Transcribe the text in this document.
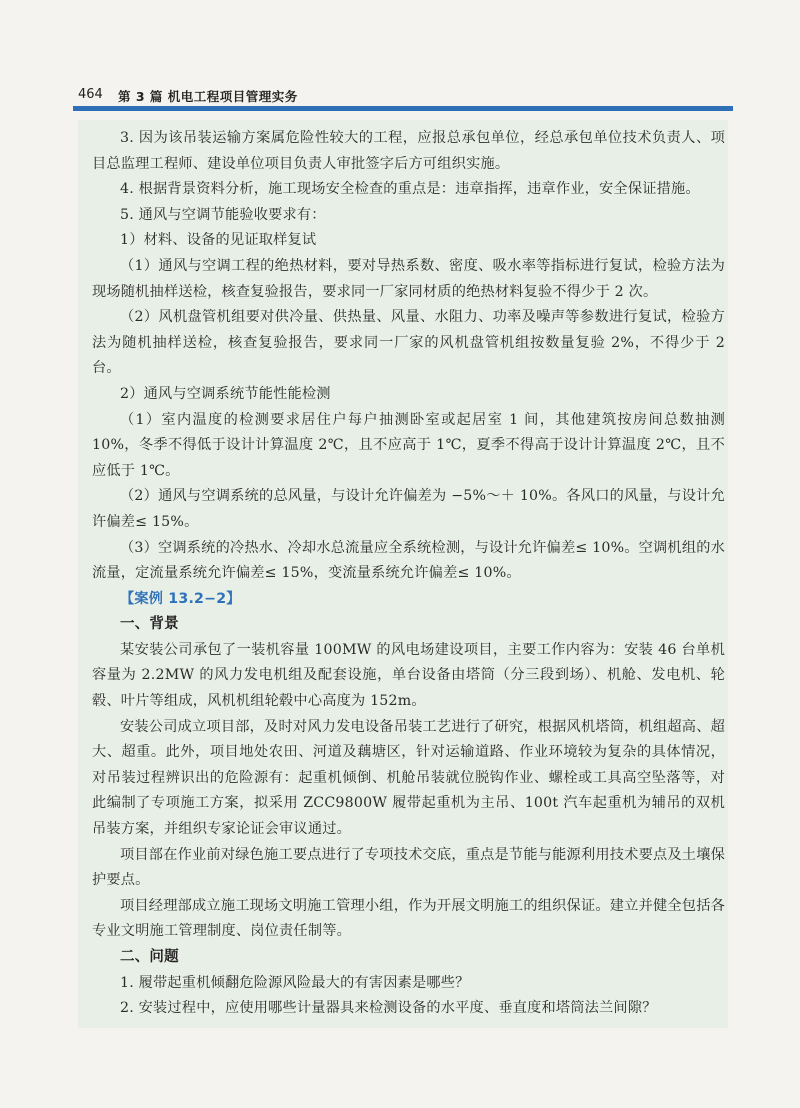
464 第 3 篇 机电工程项目管理实务

3. 因为该吊装运输方案属危险性较大的工程，应报总承包单位，经总承包单位技术负责人、项目总监理工程师、建设单位项目负责人审批签字后方可组织实施。

4. 根据背景资料分析，施工现场安全检查的重点是：违章指挥，违章作业，安全保证措施。

5. 通风与空调节能验收要求有：

1）材料、设备的见证取样复试

（1）通风与空调工程的绝热材料，要对导热系数、密度、吸水率等指标进行复试，检验方法为现场随机抽样送检，核查复验报告，要求同一厂家同材质的绝热材料复验不得少于 2 次。

（2）风机盘管机组要对供冷量、供热量、风量、水阻力、功率及噪声等参数进行复试，检验方法为随机抽样送检，核查复验报告，要求同一厂家的风机盘管机组按数量复验 2%，不得少于 2 台。

2）通风与空调系统节能性能检测

（1）室内温度的检测要求居住户每户抽测卧室或起居室 1 间，其他建筑按房间总数抽测 10%，冬季不得低于设计计算温度 2℃，且不应高于 1℃，夏季不得高于设计计算温度 2℃，且不应低于 1℃。

（2）通风与空调系统的总风量，与设计允许偏差为 −5%～＋ 10%。各风口的风量，与设计允许偏差≤ 15%。

（3）空调系统的冷热水、冷却水总流量应全系统检测，与设计允许偏差≤ 10%。空调机组的水流量，定流量系统允许偏差≤ 15%，变流量系统允许偏差≤ 10%。

【案例 13.2−2】

一、背景

某安装公司承包了一装机容量 100MW 的风电场建设项目，主要工作内容为：安装 46 台单机容量为 2.2MW 的风力发电机组及配套设施，单台设备由塔筒（分三段到场）、机舱、发电机、轮毂、叶片等组成，风机机组轮毂中心高度为 152m。

安装公司成立项目部，及时对风力发电设备吊装工艺进行了研究，根据风机塔筒，机组超高、超大、超重。此外，项目地处农田、河道及藕塘区，针对运输道路、作业环境较为复杂的具体情况，对吊装过程辨识出的危险源有：起重机倾倒、机舱吊装就位脱钩作业、螺栓或工具高空坠落等，对此编制了专项施工方案，拟采用 ZCC9800W 履带起重机为主吊、100t 汽车起重机为辅吊的双机吊装方案，并组织专家论证会审议通过。

项目部在作业前对绿色施工要点进行了专项技术交底，重点是节能与能源利用技术要点及土壤保护要点。

项目经理部成立施工现场文明施工管理小组，作为开展文明施工的组织保证。建立并健全包括各专业文明施工管理制度、岗位责任制等。

二、问题

1. 履带起重机倾翻危险源风险最大的有害因素是哪些？

2. 安装过程中，应使用哪些计量器具来检测设备的水平度、垂直度和塔筒法兰间隙？
